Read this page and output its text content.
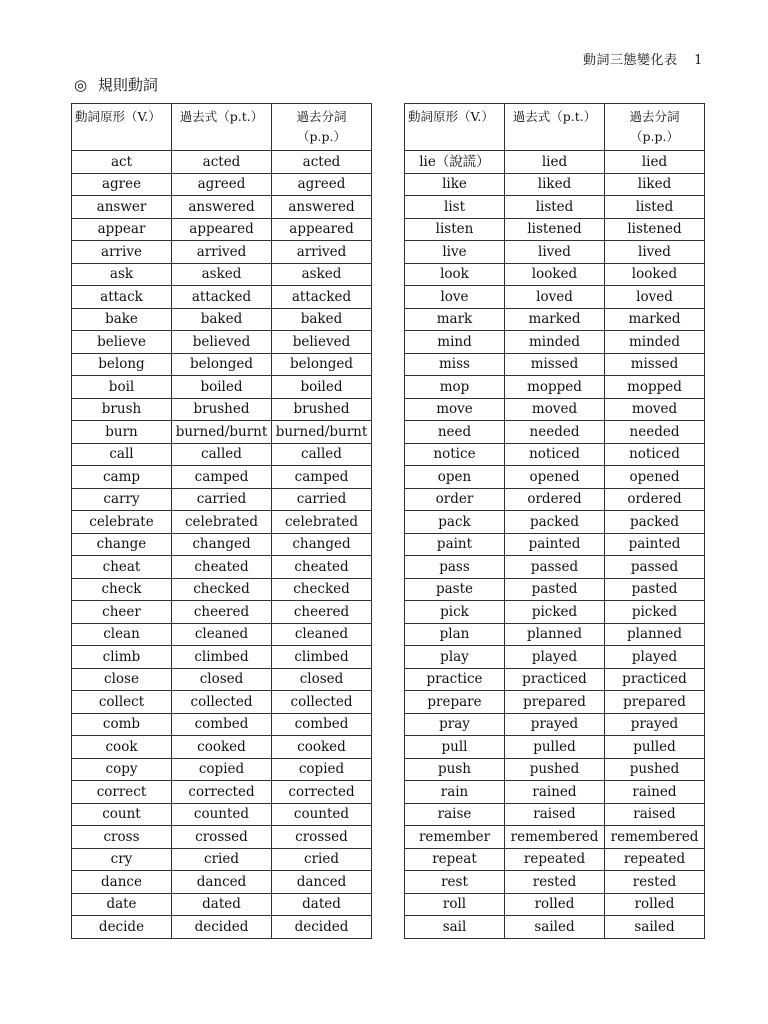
動詞三態變化表 1
◎ 規則動詞
動詞原形（V.）	過去式（p.t.）	過去分詞
（p.p.）
act	acted	acted
agree	agreed	agreed
answer	answered	answered
appear	appeared	appeared
arrive	arrived	arrived
ask	asked	asked
attack	attacked	attacked
bake	baked	baked
believe	believed	believed
belong	belonged	belonged
boil	boiled	boiled
brush	brushed	brushed
burn	burned/burnt	burned/burnt
call	called	called
camp	camped	camped
carry	carried	carried
celebrate	celebrated	celebrated
change	changed	changed
cheat	cheated	cheated
check	checked	checked
cheer	cheered	cheered
clean	cleaned	cleaned
climb	climbed	climbed
close	closed	closed
collect	collected	collected
comb	combed	combed
cook	cooked	cooked
copy	copied	copied
correct	corrected	corrected
count	counted	counted
cross	crossed	crossed
cry	cried	cried
dance	danced	danced
date	dated	dated
decide	decided	decided
動詞原形（V.）	過去式（p.t.）	過去分詞
（p.p.）
lie（說謊）	lied	lied
like	liked	liked
list	listed	listed
listen	listened	listened
live	lived	lived
look	looked	looked
love	loved	loved
mark	marked	marked
mind	minded	minded
miss	missed	missed
mop	mopped	mopped
move	moved	moved
need	needed	needed
notice	noticed	noticed
open	opened	opened
order	ordered	ordered
pack	packed	packed
paint	painted	painted
pass	passed	passed
paste	pasted	pasted
pick	picked	picked
plan	planned	planned
play	played	played
practice	practiced	practiced
prepare	prepared	prepared
pray	prayed	prayed
pull	pulled	pulled
push	pushed	pushed
rain	rained	rained
raise	raised	raised
remember	remembered	remembered
repeat	repeated	repeated
rest	rested	rested
roll	rolled	rolled
sail	sailed	sailed
